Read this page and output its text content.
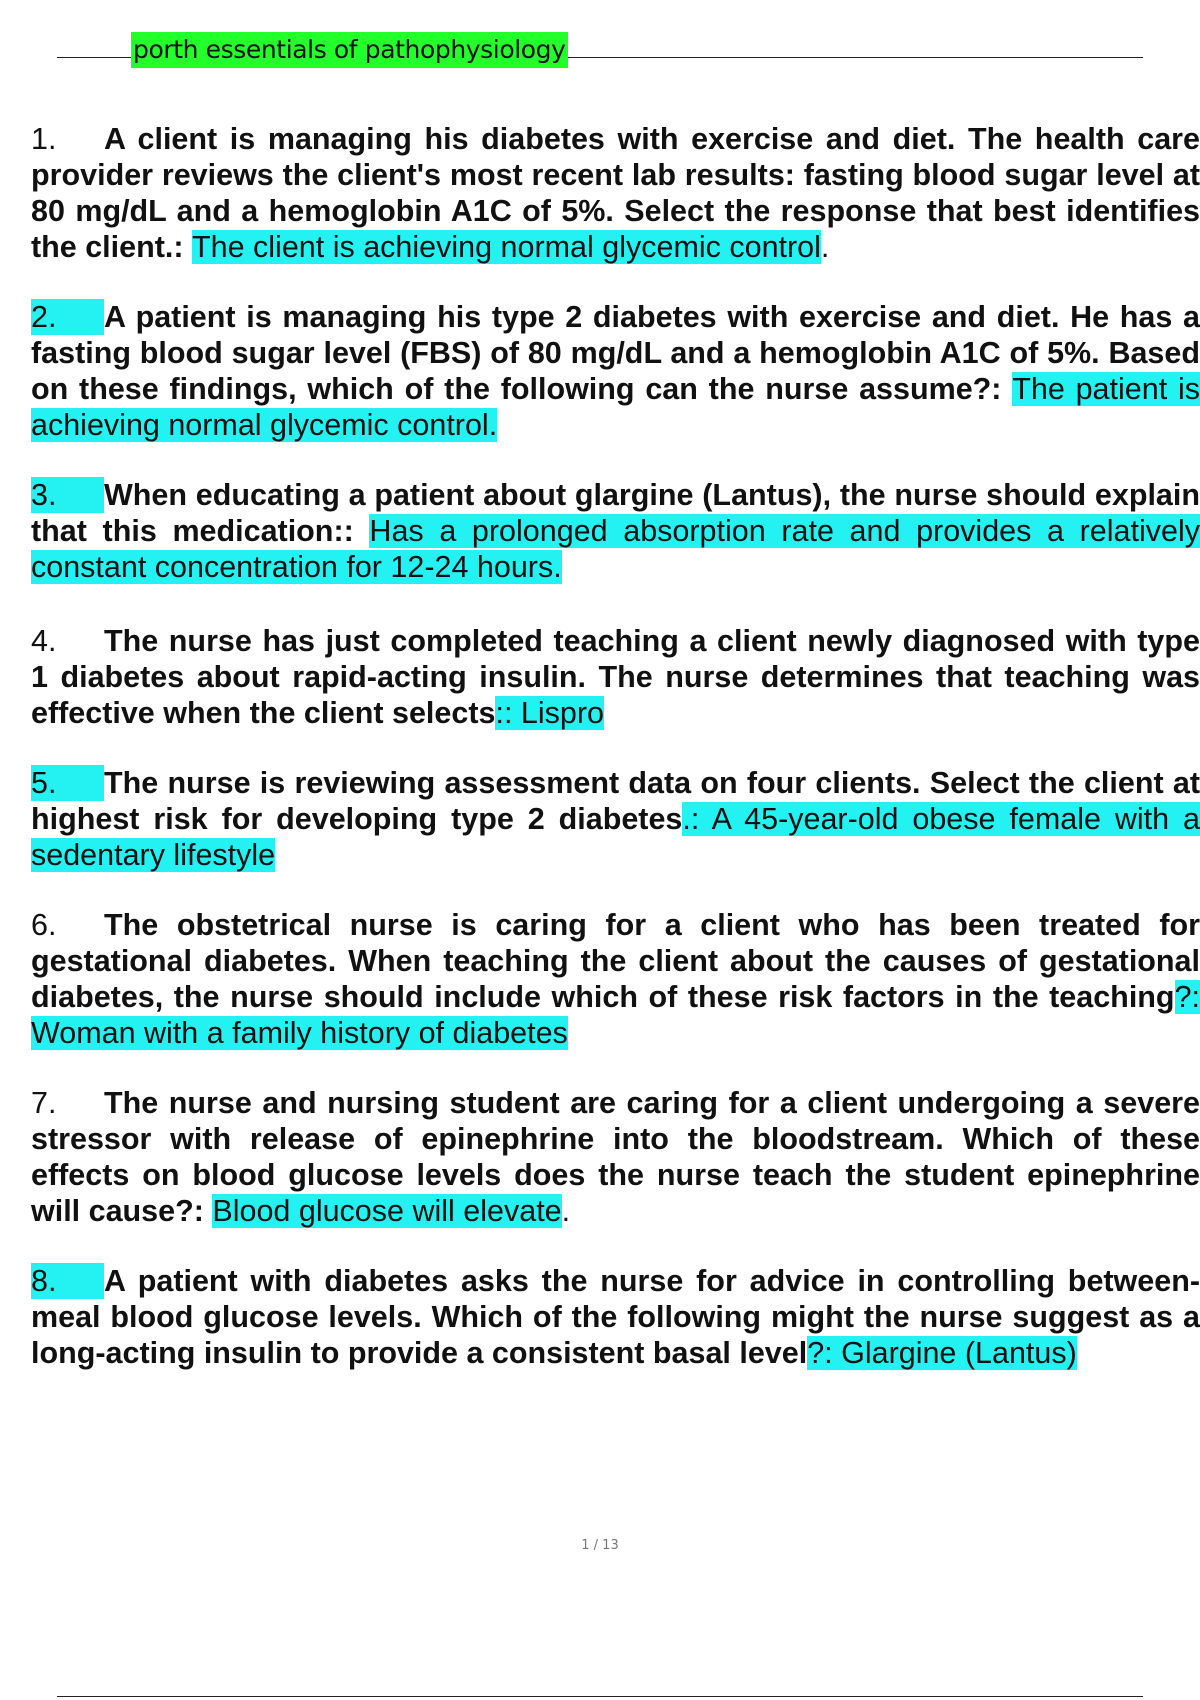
porth essentials of pathophysiology
1. A client is managing his diabetes with exercise and diet. The health care provider reviews the client's most recent lab results: fasting blood sugar level at 80 mg/dL and a hemoglobin A1C of 5%. Select the response that best identifies the client.: The client is achieving normal glycemic control.
2. A patient is managing his type 2 diabetes with exercise and diet. He has a fasting blood sugar level (FBS) of 80 mg/dL and a hemoglobin A1C of 5%. Based on these findings, which of the following can the nurse assume?: The patient is achieving normal glycemic control.
3. When educating a patient about glargine (Lantus), the nurse should explain that this medication:: Has a prolonged absorption rate and provides a relatively constant concentration for 12-24 hours.
4. The nurse has just completed teaching a client newly diagnosed with type 1 diabetes about rapid-acting insulin. The nurse determines that teaching was effective when the client selects:: Lispro
5. The nurse is reviewing assessment data on four clients. Select the client at highest risk for developing type 2 diabetes.: A 45-year-old obese female with a sedentary lifestyle
6. The obstetrical nurse is caring for a client who has been treated for gestational diabetes. When teaching the client about the causes of gestational diabetes, the nurse should include which of these risk factors in the teaching?: Woman with a family history of diabetes
7. The nurse and nursing student are caring for a client undergoing a severe stressor with release of epinephrine into the bloodstream. Which of these effects on blood glucose levels does the nurse teach the student epinephrine will cause?: Blood glucose will elevate.
8. A patient with diabetes asks the nurse for advice in controlling between-meal blood glucose levels. Which of the following might the nurse suggest as a long-acting insulin to provide a consistent basal level?: Glargine (Lantus)
1 / 13
